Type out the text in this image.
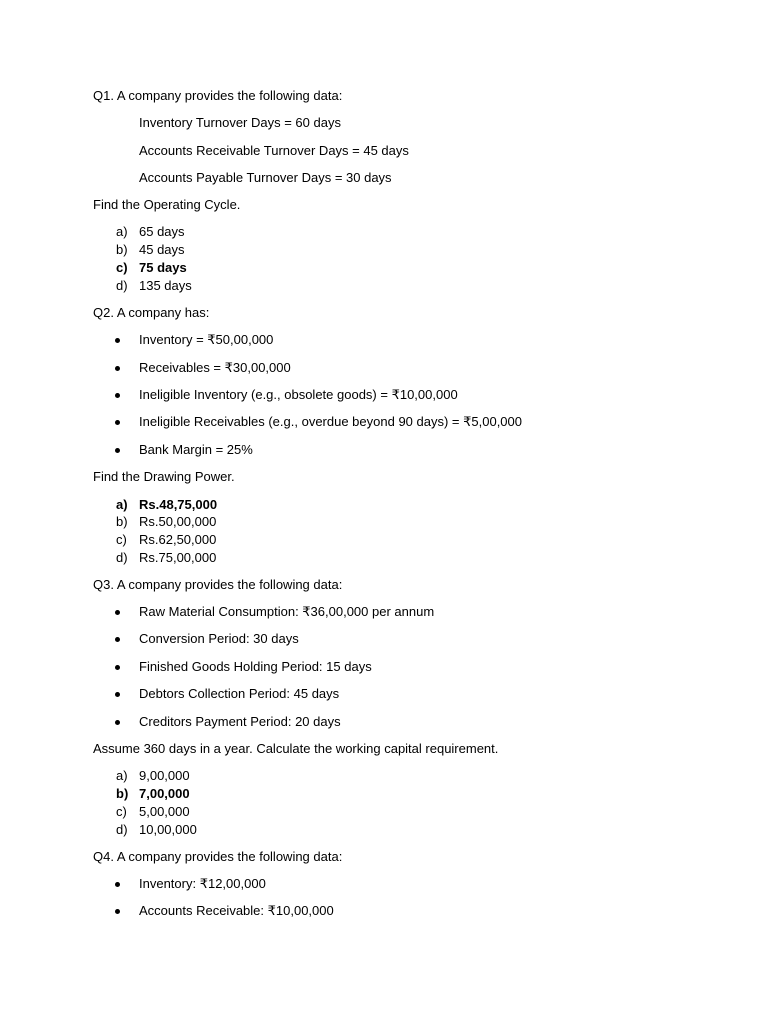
Q1. A company provides the following data:
Inventory Turnover Days = 60 days
Accounts Receivable Turnover Days = 45 days
Accounts Payable Turnover Days = 30 days
Find the Operating Cycle.
a) 65 days
b) 45 days
c) 75 days
d) 135 days
Q2. A company has:
Inventory = ₹50,00,000
Receivables = ₹30,00,000
Ineligible Inventory (e.g., obsolete goods) = ₹10,00,000
Ineligible Receivables (e.g., overdue beyond 90 days) = ₹5,00,000
Bank Margin = 25%
Find the Drawing Power.
a) Rs.48,75,000
b) Rs.50,00,000
c) Rs.62,50,000
d) Rs.75,00,000
Q3. A company provides the following data:
Raw Material Consumption: ₹36,00,000 per annum
Conversion Period: 30 days
Finished Goods Holding Period: 15 days
Debtors Collection Period: 45 days
Creditors Payment Period: 20 days
Assume 360 days in a year. Calculate the working capital requirement.
a) 9,00,000
b) 7,00,000
c) 5,00,000
d) 10,00,000
Q4. A company provides the following data:
Inventory: ₹12,00,000
Accounts Receivable: ₹10,00,000
